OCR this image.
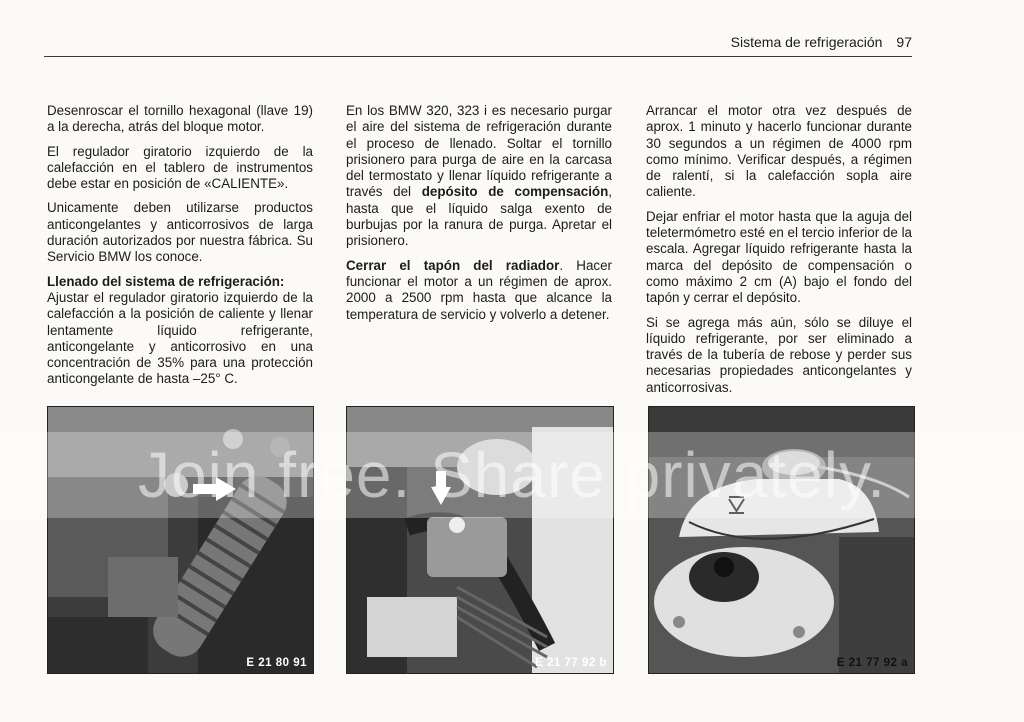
Sistema de refrigeración 97

Desenroscar el tornillo hexagonal (llave 19) a la derecha, atrás del bloque motor.

El regulador giratorio izquierdo de la calefacción en el tablero de instrumentos debe estar en posición de «CALIENTE».

Unicamente deben utilizarse productos anticongelantes y anticorrosivos de larga duración autorizados por nuestra fábrica. Su Servicio BMW los conoce.

Llenado del sistema de refrigeración:
Ajustar el regulador giratorio izquierdo de la calefacción a la posición de caliente y llenar lentamente líquido refrigerante, anticongelante y anticorrosivo en una concentración de 35% para una protección anticongelante de hasta –25° C.

En los BMW 320, 323 i es necesario purgar el aire del sistema de refrigeración durante el proceso de llenado. Soltar el tornillo prisionero para purga de aire en la carcasa del termostato y llenar líquido refrigerante a través del depósito de compensación, hasta que el líquido salga exento de burbujas por la ranura de purga. Apretar el prisionero.

Cerrar el tapón del radiador. Hacer funcionar el motor a un régimen de aprox. 2000 a 2500 rpm hasta que alcance la temperatura de servicio y volverlo a detener.

Arrancar el motor otra vez después de aprox. 1 minuto y hacerlo funcionar durante 30 segundos a un régimen de 4000 rpm como mínimo. Verificar después, a régimen de ralentí, si la calefacción sopla aire caliente.

Dejar enfriar el motor hasta que la aguja del teletermómetro esté en el tercio inferior de la escala. Agregar líquido refrigerante hasta la marca del depósito de compensación o como máximo 2 cm (A) bajo el fondo del tapón y cerrar el depósito.

Si se agrega más aún, sólo se diluye el líquido refrigerante, por ser eliminado a través de la tubería de rebose y perder sus necesarias propiedades anticongelantes y anticorrosivas.

E 21 80 91	E 21 77 92 b	E 21 77 92 a
Join free. Share privately.
